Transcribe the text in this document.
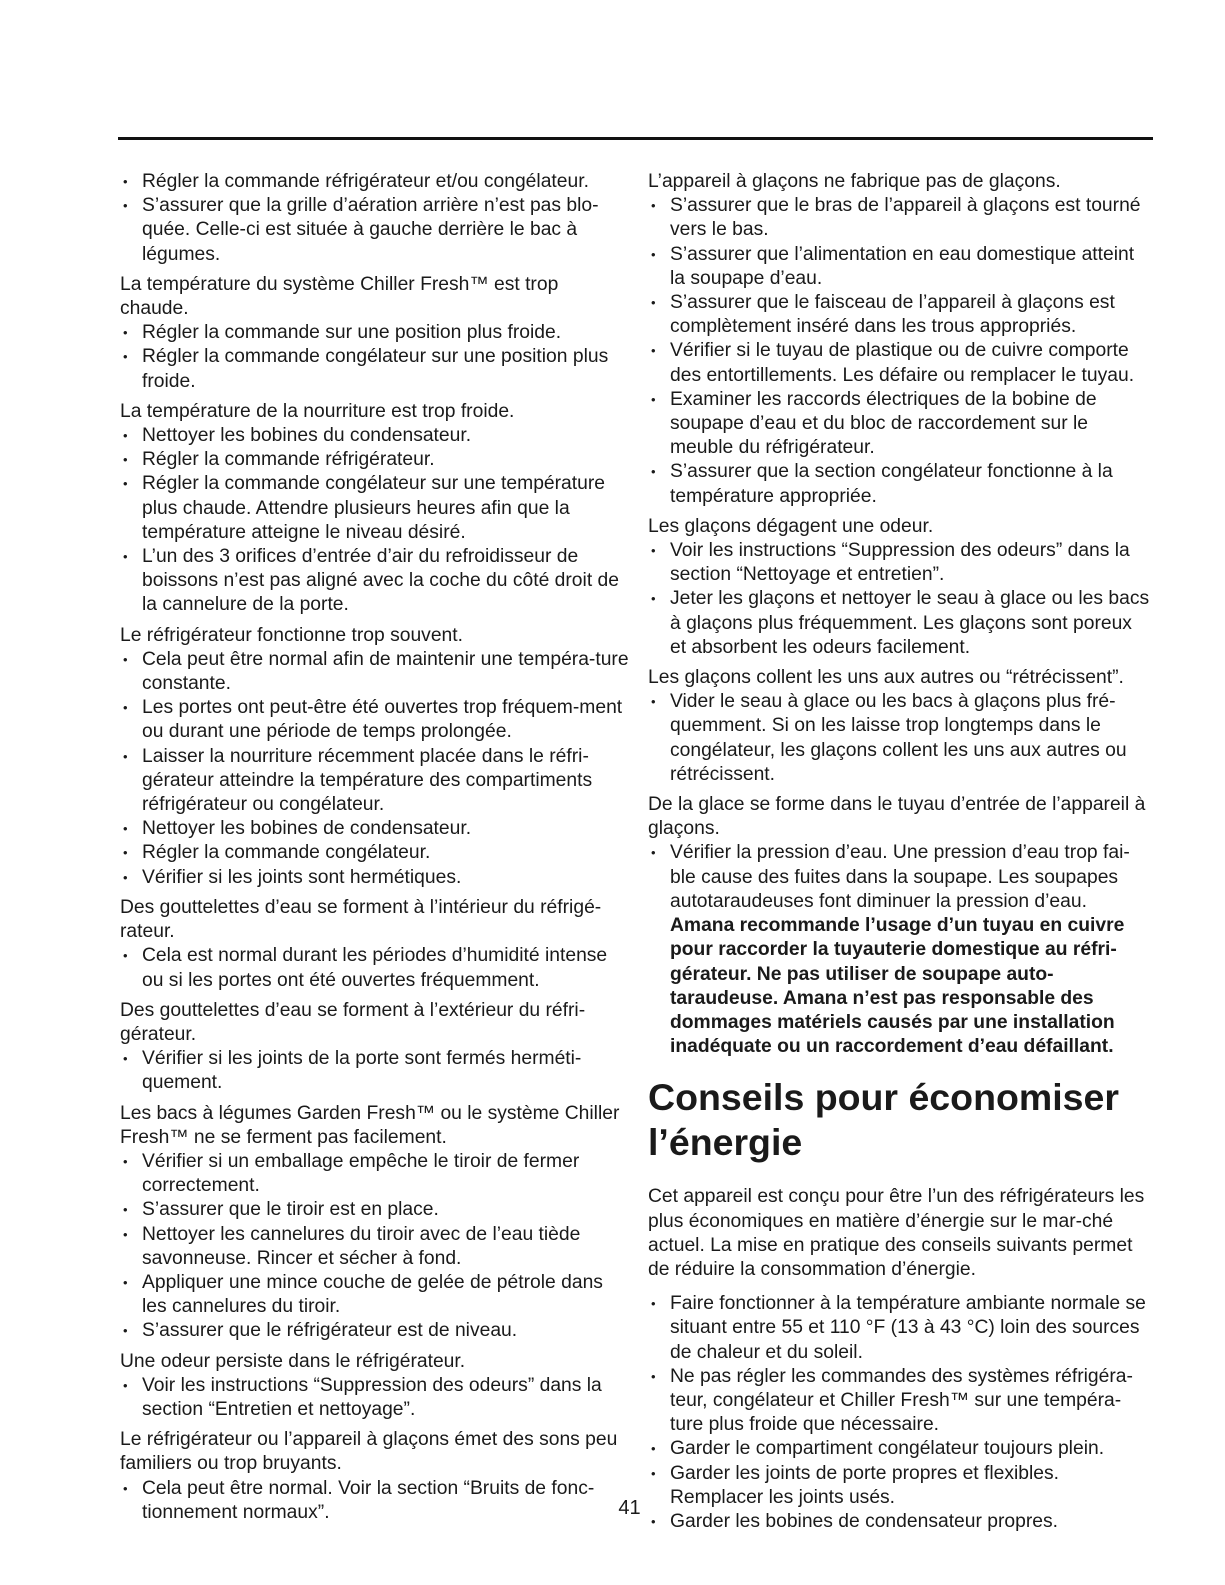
• Régler la commande réfrigérateur et/ou congélateur.
• S’assurer que la grille d’aération arrière n’est pas blo-quée. Celle-ci est située à gauche derrière le bac à légumes.

La température du système Chiller Fresh™ est trop chaude.

• Régler la commande sur une position plus froide.
• Régler la commande congélateur sur une position plus froide.

La température de la nourriture est trop froide.

• Nettoyer les bobines du condensateur.
• Régler la commande réfrigérateur.
• Régler la commande congélateur sur une température plus chaude. Attendre plusieurs heures afin que la température atteigne le niveau désiré.
• L’un des 3 orifices d’entrée d’air du refroidisseur de boissons n’est pas aligné avec la coche du côté droit de la cannelure de la porte.

Le réfrigérateur fonctionne trop souvent.

• Cela peut être normal afin de maintenir une tempéra-ture constante.
• Les portes ont peut-être été ouvertes trop fréquem-ment ou durant une période de temps prolongée.
• Laisser la nourriture récemment placée dans le réfri-gérateur atteindre la température des compartiments réfrigérateur ou congélateur.
• Nettoyer les bobines de condensateur.
• Régler la commande congélateur.
• Vérifier si les joints sont hermétiques.

Des gouttelettes d’eau se forment à l’intérieur du réfrigé-rateur.

• Cela est normal durant les périodes d’humidité intense ou si les portes ont été ouvertes fréquemment.

Des gouttelettes d’eau se forment à l’extérieur du réfri-gérateur.

• Vérifier si les joints de la porte sont fermés herméti-quement.

Les bacs à légumes Garden Fresh™ ou le système Chiller Fresh™ ne se ferment pas facilement.

• Vérifier si un emballage empêche le tiroir de fermer correctement.
• S’assurer que le tiroir est en place.
• Nettoyer les cannelures du tiroir avec de l’eau tiède savonneuse. Rincer et sécher à fond.
• Appliquer une mince couche de gelée de pétrole dans les cannelures du tiroir.
• S’assurer que le réfrigérateur est de niveau.

Une odeur persiste dans le réfrigérateur.

• Voir les instructions “Suppression des odeurs” dans la section “Entretien et nettoyage”.

Le réfrigérateur ou l’appareil à glaçons émet des sons peu familiers ou trop bruyants.

• Cela peut être normal. Voir la section “Bruits de fonc-tionnement normaux”.

L’appareil à glaçons ne fabrique pas de glaçons.

• S’assurer que le bras de l’appareil à glaçons est tourné vers le bas.
• S’assurer que l’alimentation en eau domestique atteint la soupape d’eau.
• S’assurer que le faisceau de l’appareil à glaçons est complètement inséré dans les trous appropriés.
• Vérifier si le tuyau de plastique ou de cuivre comporte des entortillements. Les défaire ou remplacer le tuyau.
• Examiner les raccords électriques de la bobine de soupape d’eau et du bloc de raccordement sur le meuble du réfrigérateur.
• S’assurer que la section congélateur fonctionne à la température appropriée.

Les glaçons dégagent une odeur.

• Voir les instructions “Suppression des odeurs” dans la section “Nettoyage et entretien”.
• Jeter les glaçons et nettoyer le seau à glace ou les bacs à glaçons plus fréquemment. Les glaçons sont poreux et absorbent les odeurs facilement.

Les glaçons collent les uns aux autres ou “rétrécissent”.

• Vider le seau à glace ou les bacs à glaçons plus fré-quemment. Si on les laisse trop longtemps dans le congélateur, les glaçons collent les uns aux autres ou rétrécissent.

De la glace se forme dans le tuyau d’entrée de l’appareil à glaçons.

• Vérifier la pression d’eau. Une pression d’eau trop fai-ble cause des fuites dans la soupape. Les soupapes autotaraudeuses font diminuer la pression d’eau.

Amana recommande l’usage d’un tuyau en cuivre pour raccorder la tuyauterie domestique au réfri-gérateur. Ne pas utiliser de soupape auto-taraudeuse. Amana n’est pas responsable des dommages matériels causés par une installation inadéquate ou un raccordement d’eau défaillant.

Conseils pour économiser
l’énergie

Cet appareil est conçu pour être l’un des réfrigérateurs les plus économiques en matière d’énergie sur le mar-ché actuel. La mise en pratique des conseils suivants permet de réduire la consommation d’énergie.

• Faire fonctionner à la température ambiante normale se situant entre 55 et 110 °F (13 à 43 °C) loin des sources de chaleur et du soleil.
• Ne pas régler les commandes des systèmes réfrigéra-teur, congélateur et Chiller Fresh™ sur une tempéra-ture plus froide que nécessaire.
• Garder le compartiment congélateur toujours plein.
• Garder les joints de porte propres et flexibles. Remplacer les joints usés.
• Garder les bobines de condensateur propres.
41
